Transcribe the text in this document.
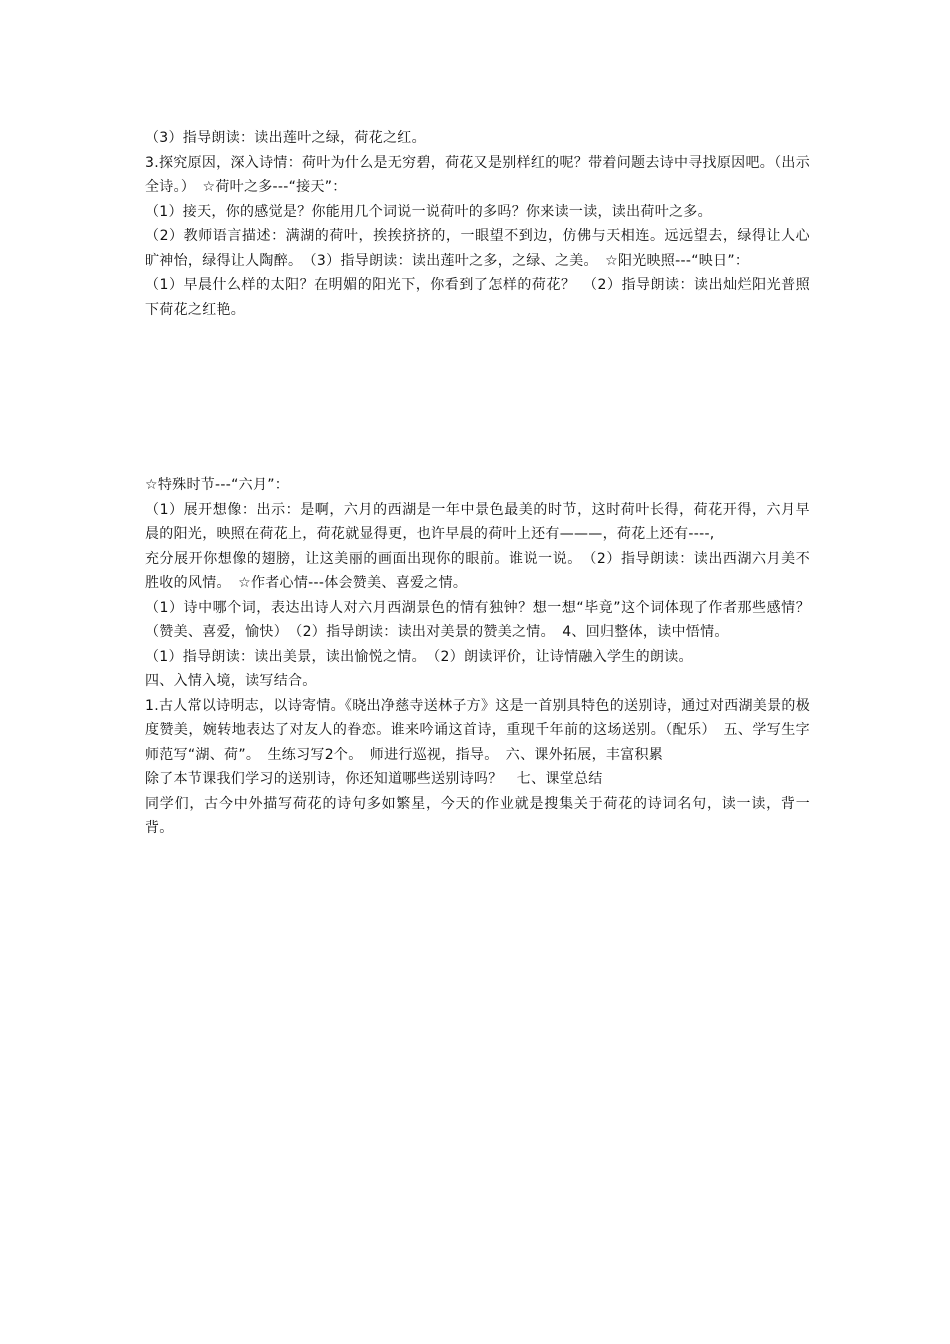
（3）指导朗读：读出莲叶之绿，荷花之红。

3.探究原因，深入诗情：荷叶为什么是无穷碧，荷花又是别样红的呢？带着问题去诗中寻找原因吧。（出示全诗。）　☆荷叶之多---“接天”：

（1）接天，你的感觉是？你能用几个词说一说荷叶的多吗？你来读一读，读出荷叶之多。

（2）教师语言描述：满湖的荷叶，挨挨挤挤的，一眼望不到边，仿佛与天相连。远远望去，绿得让人心旷神怡，绿得让人陶醉。　（3）指导朗读：读出莲叶之多，之绿、之美。　☆阳光映照---“映日”：

（1）早晨什么样的太阳？在明媚的阳光下，你看到了怎样的荷花？　（2）指导朗读：读出灿烂阳光普照下荷花之红艳。

☆特殊时节---“六月”：

（1）展开想像：出示：是啊，六月的西湖是一年中景色最美的时节，这时荷叶长得，荷花开得，六月早晨的阳光，映照在荷花上，荷花就显得更，也许早晨的荷叶上还有———，荷花上还有----,

充分展开你想像的翅膀，让这美丽的画面出现你的眼前。谁说一说。　（2）指导朗读：读出西湖六月美不胜收的风情。　☆作者心情---体会赞美、喜爱之情。

（1）诗中哪个词，表达出诗人对六月西湖景色的情有独钟？想一想“毕竟”这个词体现了作者那些感情？（赞美、喜爱，愉快）　（2）指导朗读：读出对美景的赞美之情。　4、回归整体，读中悟情。

（1）指导朗读：读出美景，读出愉悦之情。　（2）朗读评价，让诗情融入学生的朗读。

四、入情入境，读写结合。

1.古人常以诗明志，以诗寄情。《晓出净慈寺送林子方》这是一首别具特色的送别诗，通过对西湖美景的极度赞美，婉转地表达了对友人的眷恋。谁来吟诵这首诗，重现千年前的这场送别。（配乐）　五、学写生字　师范写“湖、荷”。　生练习写2个。　师进行巡视，指导。　六、课外拓展，丰富积累

除了本节课我们学习的送别诗，你还知道哪些送别诗吗？　七、课堂总结

同学们，古今中外描写荷花的诗句多如繁星，今天的作业就是搜集关于荷花的诗词名句，读一读，背一背。
